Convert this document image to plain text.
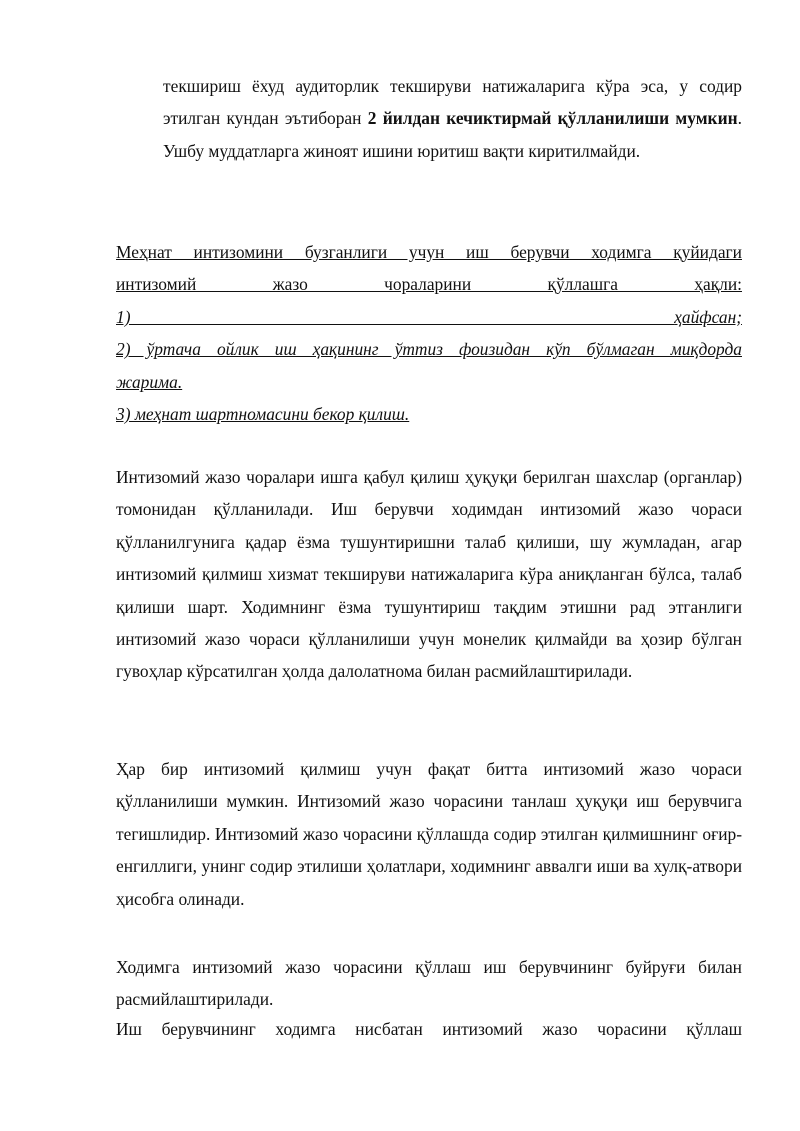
текшириш ёхуд аудиторлик текшируви натижаларига кўра эса, у содир этилган кундан эътиборан 2 йилдан кечиктирмай қўлланилиши мумкин. Ушбу муддатларга жиноят ишини юритиш вақти киритилмайди.

Меҳнат интизомини бузганлиги учун иш берувчи ходимга қуйидаги
интизомий жазо чораларини қўллашга ҳақли:
1)	ҳайфсан;
2) ўртача ойлик иш ҳақининг ўттиз фоизидан кўп бўлмаган миқдорда
жарима.
3) меҳнат шартномасини бекор қилиш.

Интизомий жазо чоралари ишга қабул қилиш ҳуқуқи берилган шахслар (органлар) томонидан қўлланилади. Иш берувчи ходимдан интизомий жазо чораси қўлланилгунига қадар ёзма тушунтиришни талаб қилиши, шу жумладан, агар интизомий қилмиш хизмат текшируви натижаларига кўра аниқланган бўлса, талаб қилиши шарт. Ходимнинг ёзма тушунтириш тақдим этишни рад этганлиги интизомий жазо чораси қўлланилиши учун монелик қилмайди ва ҳозир бўлган гувоҳлар кўрсатилган ҳолда далолатнома билан расмийлаштирилади.

Ҳар бир интизомий қилмиш учун фақат битта интизомий жазо чораси қўлланилиши мумкин. Интизомий жазо чорасини танлаш ҳуқуқи иш берувчига тегишлидир. Интизомий жазо чорасини қўллашда содир этилган қилмишнинг оғир-енгиллиги, унинг содир этилиши ҳолатлари, ходимнинг аввалги иши ва хулқ-атвори ҳисобга олинади.

Ходимга интизомий жазо чорасини қўллаш иш берувчининг буйруғи билан расмийлаштирилади.

Иш берувчининг ходимга нисбатан интизомий жазо чорасини қўллаш
